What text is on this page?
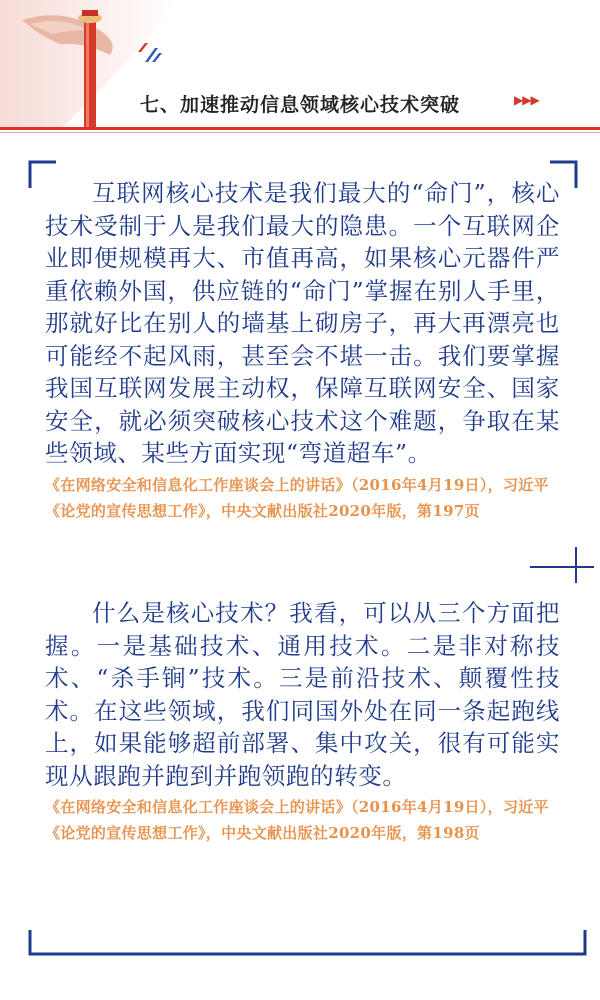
七、加速推动信息领域核心技术突破	▶▶▶

互联网核心技术是我们最大的“命门”，核心技术受制于人是我们最大的隐患。一个互联网企业即便规模再大、市值再高，如果核心元器件严重依赖外国，供应链的“命门”掌握在别人手里，那就好比在别人的墙基上砌房子，再大再漂亮也可能经不起风雨，甚至会不堪一击。我们要掌握我国互联网发展主动权，保障互联网安全、国家安全，就必须突破核心技术这个难题，争取在某些领域、某些方面实现“弯道超车”。

《在网络安全和信息化工作座谈会上的讲话》（2016年4月19日），习近平《论党的宣传思想工作》，中央文献出版社2020年版，第197页

什么是核心技术？我看，可以从三个方面把握。一是基础技术、通用技术。二是非对称技术、“杀手锏”技术。三是前沿技术、颠覆性技术。在这些领域，我们同国外处在同一条起跑线上，如果能够超前部署、集中攻关，很有可能实现从跟跑并跑到并跑领跑的转变。

《在网络安全和信息化工作座谈会上的讲话》（2016年4月19日），习近平《论党的宣传思想工作》，中央文献出版社2020年版，第198页
